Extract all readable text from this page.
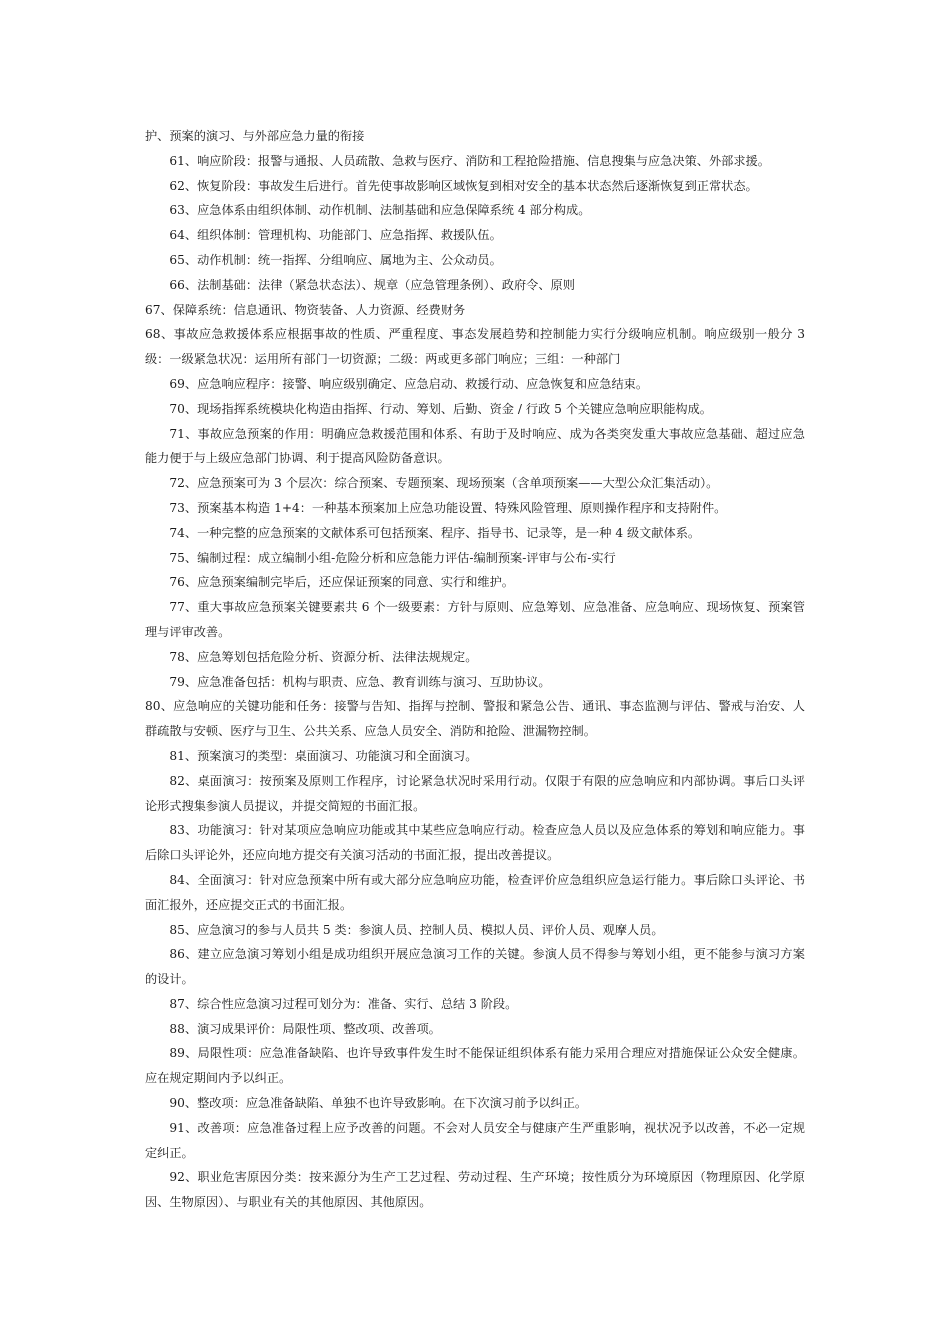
护、预案的演习、与外部应急力量的衔接

61、响应阶段：报警与通报、人员疏散、急救与医疗、消防和工程抢险措施、信息搜集与应急决策、外部求援。

62、恢复阶段：事故发生后进行。首先使事故影响区域恢复到相对安全的基本状态然后逐渐恢复到正常状态。

63、应急体系由组织体制、动作机制、法制基础和应急保障系统 4 部分构成。

64、组织体制：管理机构、功能部门、应急指挥、救援队伍。

65、动作机制：统一指挥、分组响应、属地为主、公众动员。

66、法制基础：法律（紧急状态法）、规章（应急管理条例）、政府令、原则

67、保障系统：信息通讯、物资装备、人力资源、经费财务

68、事故应急救援体系应根据事故的性质、严重程度、事态发展趋势和控制能力实行分级响应机制。响应级别一般分 3 级：一级紧急状况：运用所有部门一切资源；二级：两或更多部门响应；三组：一种部门

69、应急响应程序：接警、响应级别确定、应急启动、救援行动、应急恢复和应急结束。

70、现场指挥系统模块化构造由指挥、行动、筹划、后勤、资金 / 行政 5 个关键应急响应职能构成。

71、事故应急预案的作用：明确应急救援范围和体系、有助于及时响应、成为各类突发重大事故应急基础、超过应急能力便于与上级应急部门协调、利于提高风险防备意识。

72、应急预案可为 3 个层次：综合预案、专题预案、现场预案（含单项预案——大型公众汇集活动）。

73、预案基本构造 1+4：一种基本预案加上应急功能设置、特殊风险管理、原则操作程序和支持附件。

74、一种完整的应急预案的文献体系可包括预案、程序、指导书、记录等，是一种 4 级文献体系。

75、编制过程：成立编制小组-危险分析和应急能力评估-编制预案-评审与公布-实行

76、应急预案编制完毕后，还应保证预案的同意、实行和维护。

77、重大事故应急预案关键要素共 6 个一级要素：方针与原则、应急筹划、应急准备、应急响应、现场恢复、预案管理与评审改善。

78、应急筹划包括危险分析、资源分析、法律法规规定。

79、应急准备包括：机构与职责、应急、教育训练与演习、互助协议。

80、应急响应的关键功能和任务：接警与告知、指挥与控制、警报和紧急公告、通讯、事态监测与评估、警戒与治安、人群疏散与安顿、医疗与卫生、公共关系、应急人员安全、消防和抢险、泄漏物控制。

81、预案演习的类型：桌面演习、功能演习和全面演习。

82、桌面演习：按预案及原则工作程序，讨论紧急状况时采用行动。仅限于有限的应急响应和内部协调。事后口头评论形式搜集参演人员提议，并提交简短的书面汇报。

83、功能演习：针对某项应急响应功能或其中某些应急响应行动。检查应急人员以及应急体系的筹划和响应能力。事后除口头评论外，还应向地方提交有关演习活动的书面汇报，提出改善提议。

84、全面演习：针对应急预案中所有或大部分应急响应功能，检查评价应急组织应急运行能力。事后除口头评论、书面汇报外，还应提交正式的书面汇报。

85、应急演习的参与人员共 5 类：参演人员、控制人员、模拟人员、评价人员、观摩人员。

86、建立应急演习筹划小组是成功组织开展应急演习工作的关键。参演人员不得参与筹划小组，更不能参与演习方案的设计。

87、综合性应急演习过程可划分为：准备、实行、总结 3 阶段。

88、演习成果评价：局限性项、整改项、改善项。

89、局限性项：应急准备缺陷、也许导致事件发生时不能保证组织体系有能力采用合理应对措施保证公众安全健康。应在规定期间内予以纠正。

90、整改项：应急准备缺陷、单独不也许导致影响。在下次演习前予以纠正。

91、改善项：应急准备过程上应予改善的问题。不会对人员安全与健康产生严重影响，视状况予以改善，不必一定规定纠正。

92、职业危害原因分类：按来源分为生产工艺过程、劳动过程、生产环境；按性质分为环境原因（物理原因、化学原因、生物原因）、与职业有关的其他原因、其他原因。
